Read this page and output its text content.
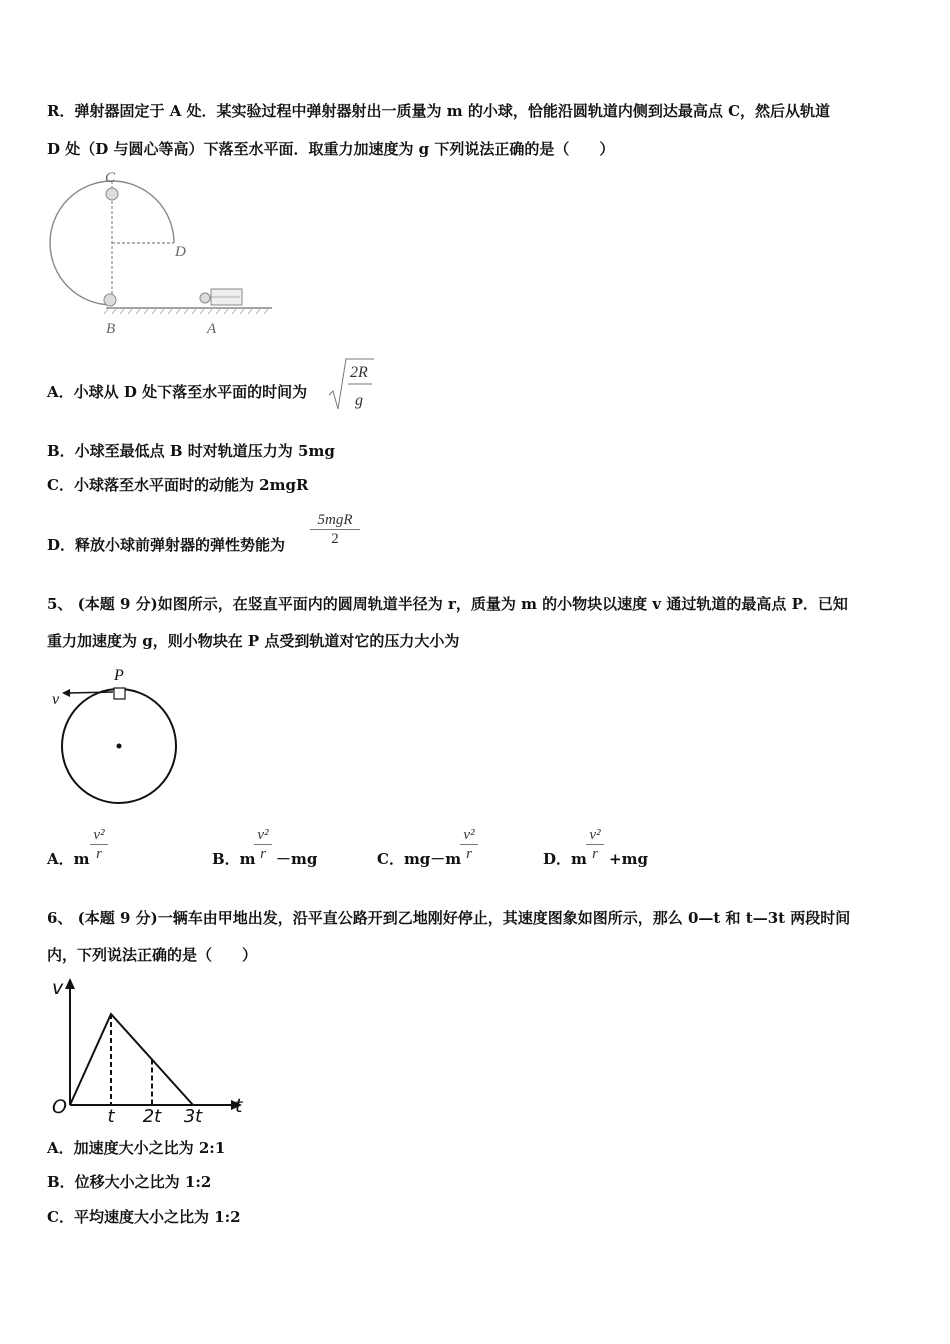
R．弹射器固定于 A 处．某实验过程中弹射器射出一质量为 m 的小球，恰能沿圆轨道内侧到达最高点 C，然后从轨道
D 处（D 与圆心等高）下落至水平面．取重力加速度为 g 下列说法正确的是（　　）
C
D
B	A
A．小球从 D 处下落至水平面的时间为
2R
g
B．小球至最低点 B 时对轨道压力为 5mg
C．小球落至水平面时的动能为 2mgR
D．释放小球前弹射器的弹性势能为
5mgR
2
5、 (本题 9 分)如图所示，在竖直平面内的圆周轨道半径为 r，质量为 m 的小物块以速度 v 通过轨道的最高点 P．已知
重力加速度为 g，则小物块在 P 点受到轨道对它的压力大小为
P
v
A．m
v²
r	B．m
v²
r －mg	C．mg－m
v²
r	D．m
v²
r +mg
6、 (本题 9 分)一辆车由甲地出发，沿平直公路开到乙地刚好停止，其速度图象如图所示，那么 0—t 和 t—3t 两段时间
内，下列说法正确的是（　　）
t 2t 3t
v
t
O
A．加速度大小之比为 2:1
B．位移大小之比为 1:2
C．平均速度大小之比为 1:2
